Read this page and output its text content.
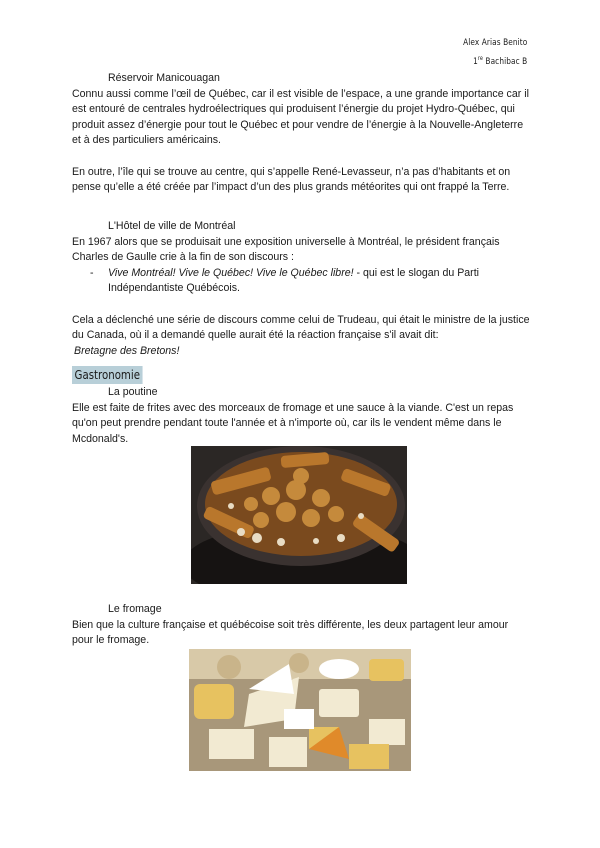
Alex Arias Benito
1re Bachibac B

Réservoir Manicouagan

Connu aussi comme l’œil de Québec, car il est visible de l’espace, a une grande importance car il est entouré de centrales hydroélectriques qui produisent l’énergie du projet Hydro-Québec, qui produit assez d’énergie pour tout le Québec et pour vendre de l’énergie à la Nouvelle-Angleterre et à des particuliers américains.

En outre, l’île qui se trouve au centre, qui s’appelle René-Levasseur, n’a pas d’habitants et on pense qu’elle a été créée par l’impact d’un des plus grands météorites qui ont frappé la Terre.

L'Hôtel de ville de Montréal

En 1967 alors que se produisait une exposition universelle à Montréal, le président français Charles de Gaulle crie à la fin de son discours :

-	Vive Montréal! Vive le Québec! Vive le Québec libre! - qui est le slogan du Parti Indépendantiste Québécois.

Cela a déclenché une série de discours comme celui de Trudeau, qui était le ministre de la justice du Canada, où il a demandé quelle aurait été la réaction française s'il avait dit:

Bretagne des Bretons!

Gastronomie

La poutine

Elle est faite de frites avec des morceaux de fromage et une sauce à la viande. C'est un repas qu'on peut prendre pendant toute l'année et à n'importe où, car ils le vendent même dans le Mcdonald's.

Le fromage

Bien que la culture française et québécoise soit très différente, les deux partagent leur amour pour le fromage.
